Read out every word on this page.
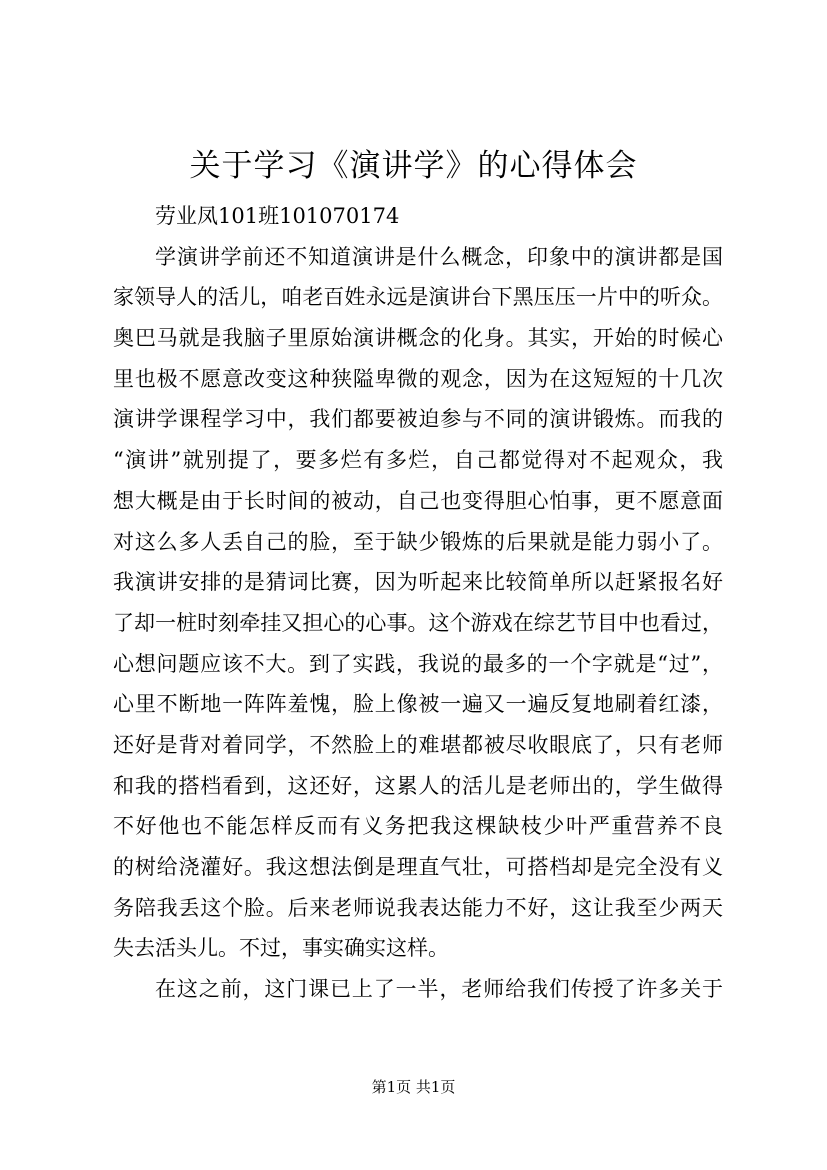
关于学习《演讲学》的心得体会
劳业凤101班101070174
学演讲学前还不知道演讲是什么概念，印象中的演讲都是国
家领导人的活儿，咱老百姓永远是演讲台下黑压压一片中的听众。
奥巴马就是我脑子里原始演讲概念的化身。其实，开始的时候心
里也极不愿意改变这种狭隘卑微的观念，因为在这短短的十几次
演讲学课程学习中，我们都要被迫参与不同的演讲锻炼。而我的
“演讲”就别提了，要多烂有多烂，自己都觉得对不起观众，我
想大概是由于长时间的被动，自己也变得胆心怕事，更不愿意面
对这么多人丢自己的脸，至于缺少锻炼的后果就是能力弱小了。
我演讲安排的是猜词比赛，因为听起来比较简单所以赶紧报名好
了却一桩时刻牵挂又担心的心事。这个游戏在综艺节目中也看过，
心想问题应该不大。到了实践，我说的最多的一个字就是“过”，
心里不断地一阵阵羞愧，脸上像被一遍又一遍反复地刷着红漆，
还好是背对着同学，不然脸上的难堪都被尽收眼底了，只有老师
和我的搭档看到，这还好，这累人的活儿是老师出的，学生做得
不好他也不能怎样反而有义务把我这棵缺枝少叶严重营养不良
的树给浇灌好。我这想法倒是理直气壮，可搭档却是完全没有义
务陪我丢这个脸。后来老师说我表达能力不好，这让我至少两天
失去活头儿。不过，事实确实这样。
在这之前，这门课已上了一半，老师给我们传授了许多关于
第1页 共1页
